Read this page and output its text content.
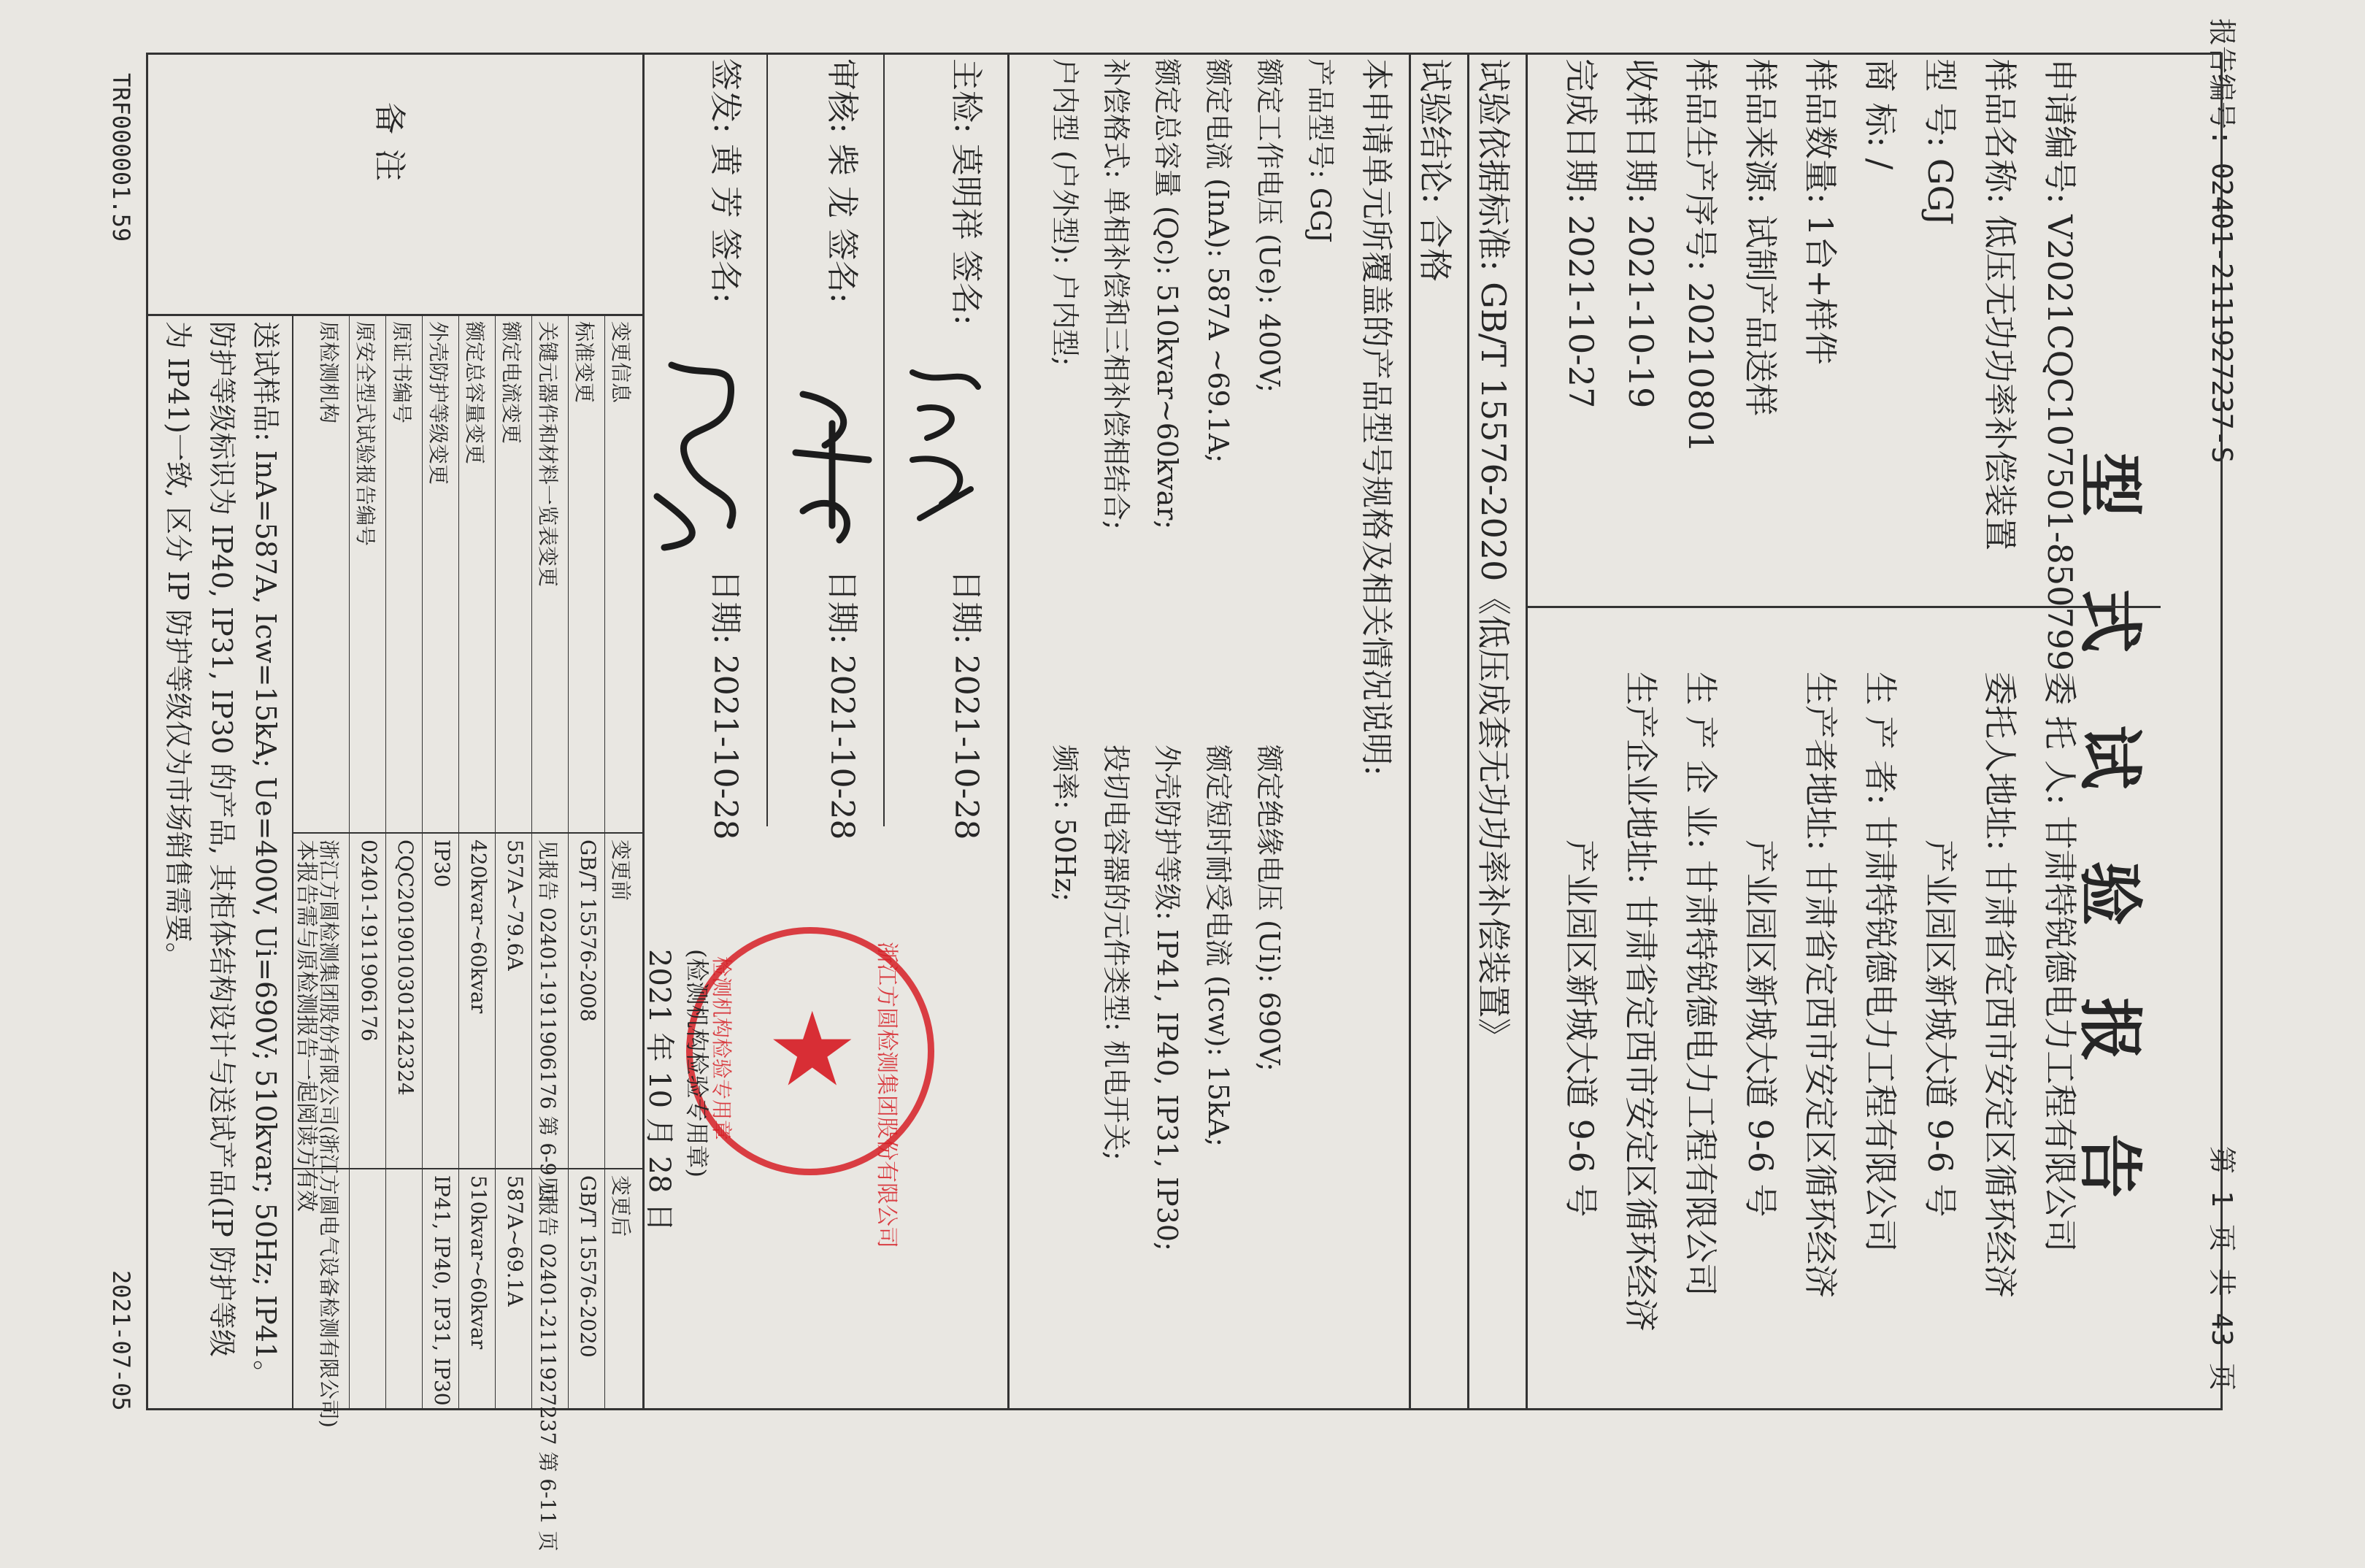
报告编号: 02401-2111927237-S
第 1 页 共 43 页
型 式 试 验 报 告
申请编号: V2021CQC107501-850799
样品名称: 低压无功功率补偿装置
型 号: GGJ
商 标: /
样品数量: 1台+样件
样品来源: 试制产品送样
样品生产序号: 20210801
收样日期: 2021-10-19
完成日期: 2021-10-27
委 托 人: 甘肃特锐德电力工程有限公司
委托人地址: 甘肃省定西市安定区循环经济
产业园区新城大道 9-6 号
生 产 者: 甘肃特锐德电力工程有限公司
生产者地址: 甘肃省定西市安定区循环经济
产业园区新城大道 9-6 号
生 产 企 业: 甘肃特锐德电力工程有限公司
生产企业地址: 甘肃省定西市安定区循环经济
产业园区新城大道 9-6 号
试验依据标准: GB/T 15576-2020《低压成套无功功率补偿装置》
试验结论: 合格
本申请单元所覆盖的产品型号规格及相关情况说明:
产品型号: GGJ
额定工作电压 (Ue): 400V;
额定绝缘电压 (Ui): 690V;
额定电流 (InA): 587A ~69.1A;
额定短时耐受电流 (Icw): 15kA;
额定总容量 (Qc): 510kvar~60kvar;
外壳防护等级: IP41, IP40, IP31, IP30;
补偿格式: 单相补偿和三相补偿相结合;
投切电容器的元件类型: 机电开关;
户内型 (户外型): 户内型;
频率: 50Hz;
主检: 莫明祥 签名:
日期: 2021-10-28
审核: 柴 龙 签名:
日期: 2021-10-28
签发: 黄 芳 签名:
日期: 2021-10-28
★ 浙江方圆检测集团股份有限公司
检测机构检验专用章
2021 年 10 月 28 日 (检测机构检验专用章)
备注
变更信息
变更前
变更后
标准变更
GB/T 15576-2008
GB/T 15576-2020
关键元器件和材料一览表变更
见报告 02401-1911906176 第 6-9 页
见报告 02401-2111927237 第 6-11 页
额定电流变更
557A~79.6A
587A~69.1A
额定总容量变更
420kvar~60kvar
510kvar~60kvar
外壳防护等级变更
IP30
IP41, IP40, IP31, IP30
原证书编号
CQC2019010301242324
原安全型式试验报告编号
02401-1911906176
原检测机构
浙江方圆检测集团股份有限公司(浙江方圆电气设备检测有限公司)
本报告需与原检测报告一起阅读方有效
送试样品: InA=587A, Icw=15kA; Ue=400V, Ui=690V; 510kvar; 50Hz; IP41。
防护等级标识为 IP40, IP31, IP30 的产品, 其柜体结构设计与送试产品(IP 防护等级
为 IP41)一致, 区分 IP 防护等级仅为市场销售需要。
TRF000001.59
2021-07-05
